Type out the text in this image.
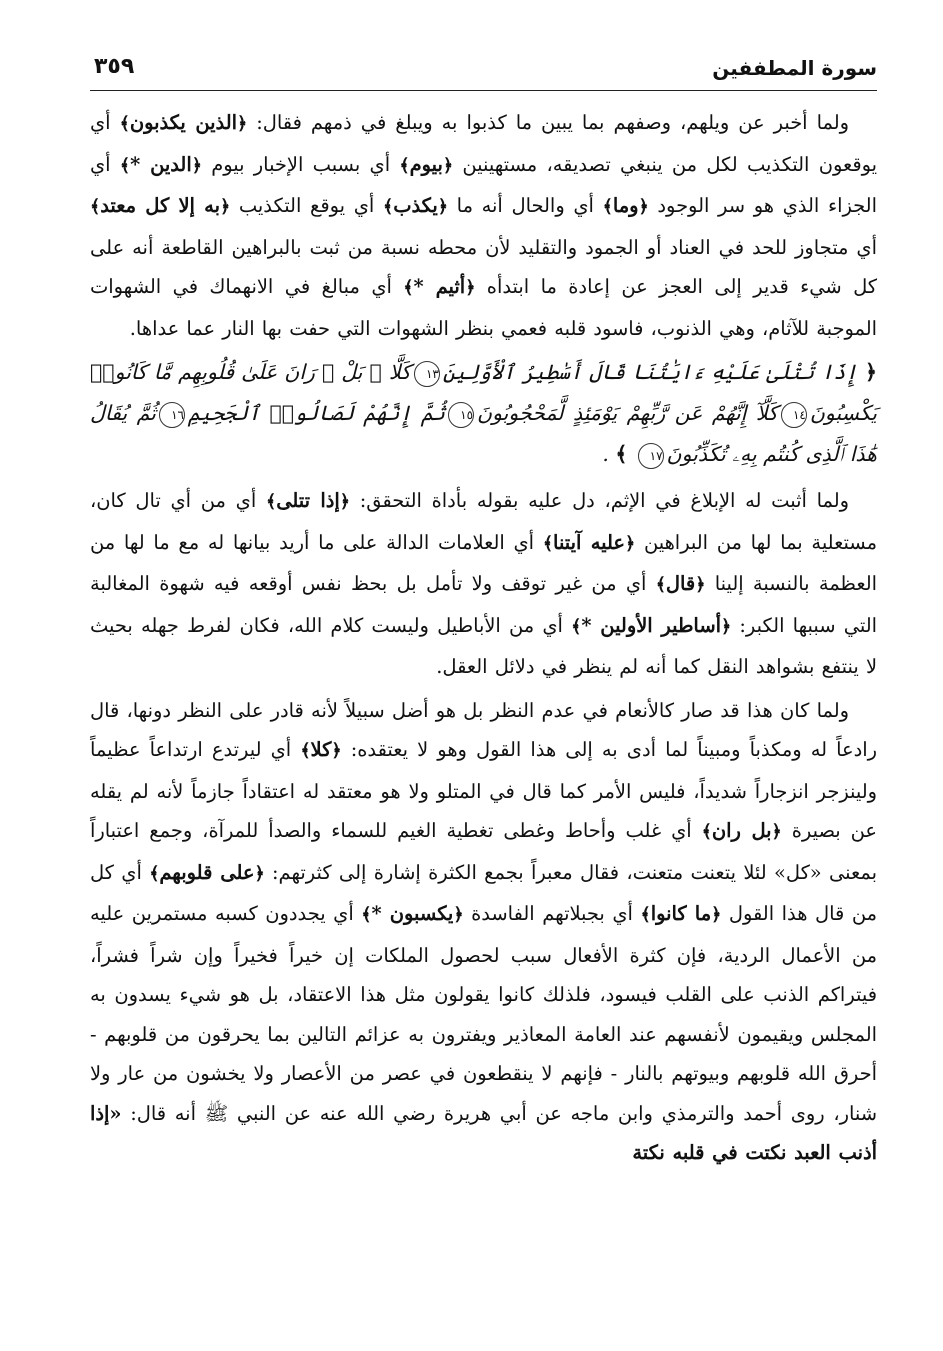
سورة المطففين
٣٥٩

ولما أخبر عن ويلهم، وصفهم بما يبين ما كذبوا به ويبلغ في ذمهم فقال: ﴿الذين يكذبون﴾ أي يوقعون التكذيب لكل من ينبغي تصديقه، مستهينين ﴿بيوم﴾ أي بسبب الإخبار بيوم ﴿الدين *﴾ أي الجزاء الذي هو سر الوجود ﴿وما﴾ أي والحال أنه ما ﴿يكذب﴾ أي يوقع التكذيب ﴿به إلا كل معتد﴾ أي متجاوز للحد في العناد أو الجمود والتقليد لأن محطه نسبة من ثبت بالبراهين القاطعة أنه على كل شيء قدير إلى العجز عن إعادة ما ابتدأه ﴿أثيم *﴾ أي مبالغ في الانهماك في الشهوات الموجبة للآثام، وهي الذنوب، فاسود قلبه فعمي بنظر الشهوات التي حفت بها النار عما عداها.

﴿ إِذَا تُتْلَىٰ عَلَيْهِ ءَايَٰتُنَا قَالَ أَسَٰطِيرُ ٱلْأَوَّلِينَ١٣كَلَّا ۖ بَلْ ۜ رَانَ عَلَىٰ قُلُوبِهِم مَّا كَانُوا۟ يَكْسِبُونَ١٤كَلَّآ إِنَّهُمْ عَن رَّبِّهِمْ يَوْمَئِذٍ لَّمَحْجُوبُونَ١٥ثُمَّ إِنَّهُمْ لَصَالُوا۟ ٱلْجَحِيمِ١٦ثُمَّ يُقَالُ هَٰذَا ٱلَّذِى كُنتُم بِهِۦ تُكَذِّبُونَ١٧ ﴾ .

ولما أثبت له الإبلاغ في الإثم، دل عليه بقوله بأداة التحقق: ﴿إذا تتلى﴾ أي من أي تال كان، مستعلية بما لها من البراهين ﴿عليه آيتنا﴾ أي العلامات الدالة على ما أريد بيانها له مع ما لها من العظمة بالنسبة إلينا ﴿قال﴾ أي من غير توقف ولا تأمل بل بحظ نفس أوقعه فيه شهوة المغالبة التي سببها الكبر: ﴿أساطير الأولين *﴾ أي من الأباطيل وليست كلام الله، فكان لفرط جهله بحيث لا ينتفع بشواهد النقل كما أنه لم ينظر في دلائل العقل.

ولما كان هذا قد صار كالأنعام في عدم النظر بل هو أضل سبيلاً لأنه قادر على النظر دونها، قال رادعاً له ومكذباً ومبيناً لما أدى به إلى هذا القول وهو لا يعتقده: ﴿كلا﴾ أي ليرتدع ارتداعاً عظيماً ولينزجر انزجاراً شديداً، فليس الأمر كما قال في المتلو ولا هو معتقد له اعتقاداً جازماً لأنه لم يقله عن بصيرة ﴿بل ران﴾ أي غلب وأحاط وغطى تغطية الغيم للسماء والصدأ للمرآة، وجمع اعتباراً بمعنى «كل» لئلا يتعنت متعنت، فقال معبراً بجمع الكثرة إشارة إلى كثرتهم: ﴿على قلوبهم﴾ أي كل من قال هذا القول ﴿ما كانوا﴾ أي بجبلاتهم الفاسدة ﴿يكسبون *﴾ أي يجددون كسبه مستمرين عليه من الأعمال الردية، فإن كثرة الأفعال سبب لحصول الملكات إن خيراً فخيراً وإن شراً فشراً، فيتراكم الذنب على القلب فيسود، فلذلك كانوا يقولون مثل هذا الاعتقاد، بل هو شيء يسدون به المجلس ويقيمون لأنفسهم عند العامة المعاذير ويفترون به عزائم التالين بما يحرقون من قلوبهم - أحرق الله قلوبهم وبيوتهم بالنار - فإنهم لا ينقطعون في عصر من الأعصار ولا يخشون من عار ولا شنار، روى أحمد والترمذي وابن ماجه عن أبي هريرة رضي الله عنه عن النبي ﷺ أنه قال: «إذا أذنب العبد نكتت في قلبه نكتة
